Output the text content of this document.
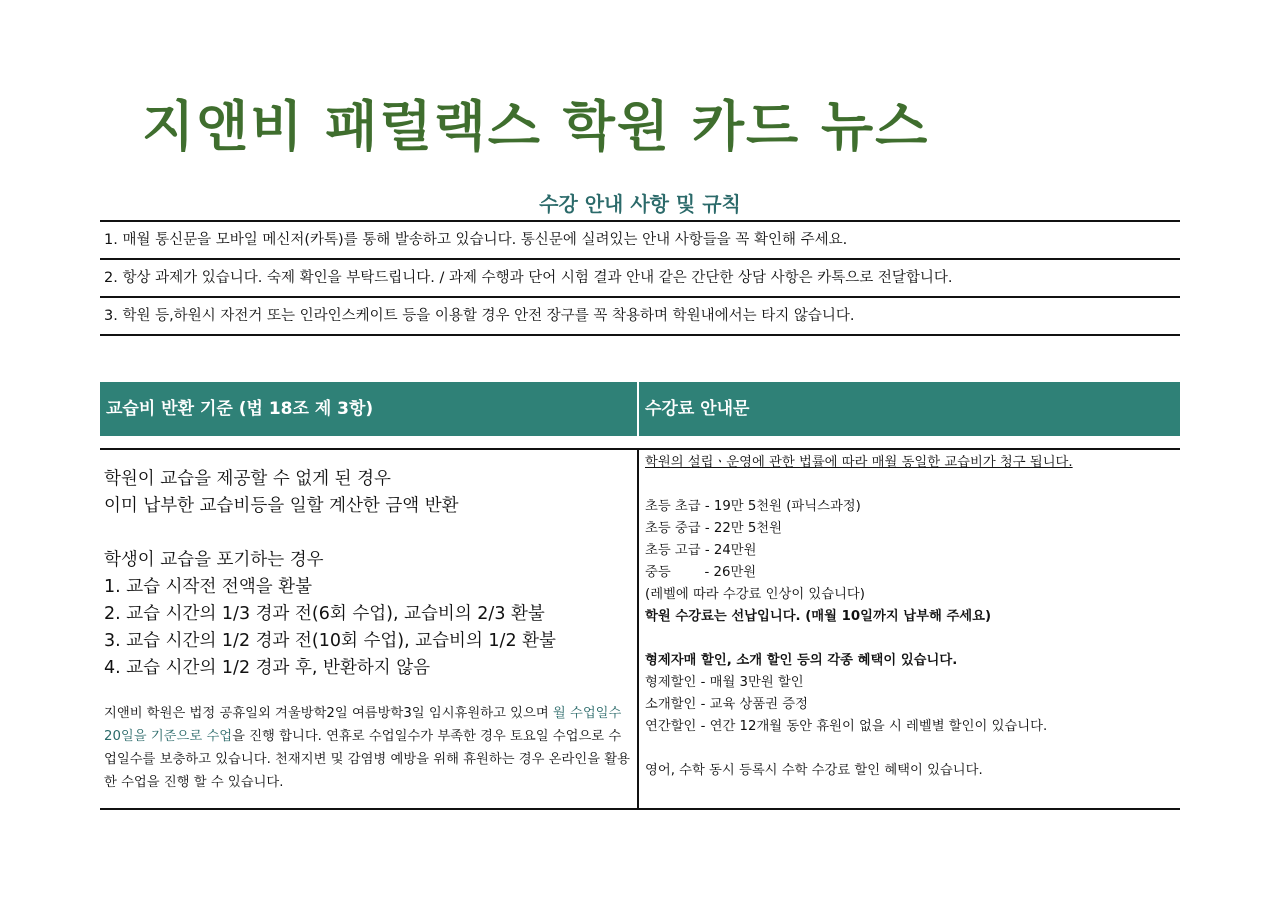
지앤비 패럴랙스 학원 카드 뉴스
수강 안내 사항 및 규칙
1. 매월 통신문을 모바일 메신저(카톡)를 통해 발송하고 있습니다. 통신문에 실려있는 안내 사항들을 꼭 확인해 주세요.
2. 항상 과제가 있습니다. 숙제 확인을 부탁드립니다. / 과제 수행과 단어 시험 결과 안내 같은 간단한 상담 사항은 카톡으로 전달합니다.
3. 학원 등,하원시 자전거 또는 인라인스케이트 등을 이용할 경우 안전 장구를 꼭 착용하며 학원내에서는 타지 않습니다.
교습비 반환 기준 (법 18조 제 3항)	수강료 안내문
학원이 교습을 제공할 수 없게 된 경우
이미 납부한 교습비등을 일할 계산한 금액 반환
학생이 교습을 포기하는 경우
1. 교습 시작전 전액을 환불
2. 교습 시간의 1/3 경과 전(6회 수업), 교습비의 2/3 환불
3. 교습 시간의 1/2 경과 전(10회 수업), 교습비의 1/2 환불
4. 교습 시간의 1/2 경과 후, 반환하지 않음
지앤비 학원은 법정 공휴일외 겨울방학2일 여름방학3일 임시휴원하고 있으며 월 수업일수 20일을 기준으로 수업을 진행 합니다. 연휴로 수업일수가 부족한 경우 토요일 수업으로 수업일수를 보충하고 있습니다. 천재지변 및 감염병 예방을 위해 휴원하는 경우 온라인을 활용한 수업을 진행 할 수 있습니다.
학원의 설립ㆍ운영에 관한 법률에 따라 매월 동일한 교습비가 청구 됩니다.
초등 초급 - 19만 5천원 (파닉스과정)
초등 중급 - 22만 5천원
초등 고급 - 24만원
중등        - 26만원
(레벨에 따라 수강료 인상이 있습니다)
학원 수강료는 선납입니다. (매월 10일까지 납부해 주세요)
형제자매 할인, 소개 할인 등의 각종 혜택이 있습니다.
형제할인 - 매월 3만원 할인
소개할인 - 교육 상품권 증정
연간할인 - 연간 12개월 동안 휴원이 없을 시 레벨별 할인이 있습니다.
영어, 수학 동시 등록시 수학 수강료 할인 혜택이 있습니다.
